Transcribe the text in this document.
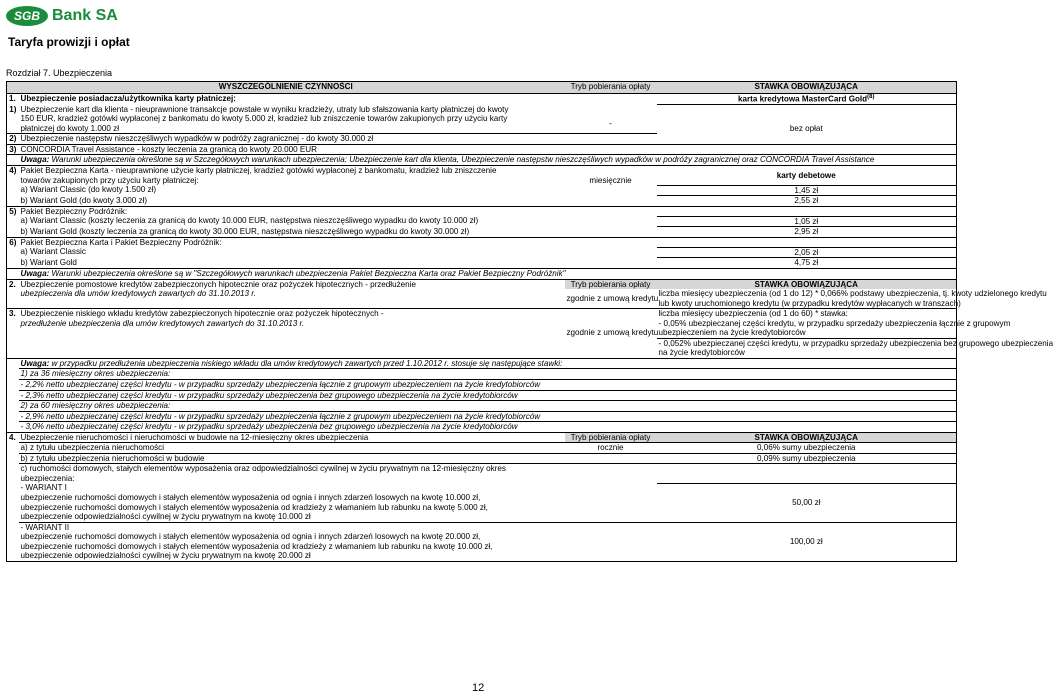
SGB Bank SA
Taryfa prowizji i opłat
Rozdział 7. Ubezpieczenia
WYSZCZEGÓLNIENIE CZYNNOŚCI		Tryb pobierania opłaty	STAWKA OBOWIĄZUJĄCA
1.	Ubezpieczenie posiadacza/użytkownika karty płatniczej:		karta kredytowa MasterCard Gold$^{(8)}$
1)	Ubezpieczenie kart dla klienta - nieuprawnione transakcje powstałe w wyniku kradzieży, utraty lub sfałszowania karty płatniczej do kwoty		
	150 EUR, kradzież gotówki wypłaconej z bankomatu do kwoty 5.000 zł, kradzież lub zniszczenie towarów zakupionych przy użyciu karty	-	bez opłat
	płatniczej do kwoty 1.000 zł		
2)	Ubezpieczenie następstw nieszczęśliwych wypadków w podróży zagranicznej - do kwoty 30.000 zł		
3)	CONCORDIA Travel Assistance - koszty leczenia za granicą do kwoty 20.000 EUR		
	Uwaga: Warunki ubezpieczenia określone są w Szczegółowych warunkach ubezpieczenia: Ubezpieczenie kart dla klienta, Ubezpieczenie następstw nieszczęśliwych wypadków w podróży zagranicznej oraz CONCORDIA Travel Assistance		
4)	Pakiet Bezpieczna Karta - nieuprawnione użycie karty płatniczej, kradzież gotówki wypłaconej z bankomatu, kradzież lub zniszczenie		karty debetowe
	towarów zakupionych przy użyciu karty płatniczej:	miesięcznie	
	a) Wariant Classic (do kwoty 1.500 zł)		1,45 zł
	b) Wariant Gold (do kwoty 3.000 zł)		2,55 zł
5)	Pakiet Bezpieczny Podróżnik:		
	a) Wariant Classic (koszty leczenia za granicą do kwoty 10.000 EUR, następstwa nieszczęśliwego wypadku do kwoty 10.000 zł)		1,05 zł
	b) Wariant Gold (koszty leczenia za granicą do kwoty 30.000 EUR, następstwa nieszczęśliwego wypadku do kwoty 30.000 zł)		2,95 zł
6)	Pakiet Bezpieczna Karta i Pakiet Bezpieczny Podróżnik:		
	a) Wariant Classic		2,05 zł
	b) Wariant Gold		4,75 zł
	Uwaga: Warunki ubezpieczenia określone są w "Szczegółowych warunkach ubezpieczenia Pakiet Bezpieczna Karta oraz Pakiet Bezpieczny Podróżnik"		
2.	Ubezpieczenie pomostowe kredytów zabezpieczonych hipotecznie oraz pożyczek hipotecznych - przedłużenie	Tryb pobierania opłaty	STAWKA OBOWIĄZUJĄCA
	ubezpieczenia dla umów kredytowych zawartych do 31.10.2013 r.	zgodnie z umową kredytu	liczba miesięcy ubezpieczenia (od 1 do 12) * 0,066% podstawy ubezpieczenia, tj. kwoty udzielonego kredytu
			lub kwoty uruchomionego kredytu (w przypadku kredytów wypłacanych w transzach)
3.	Ubezpieczenie niskiego wkładu kredytów zabezpieczonych hipotecznie oraz pożyczek hipotecznych -		liczba miesięcy ubezpieczenia (od 1 do 60) * stawka:
	przedłużenie ubezpieczenia dla umów kredytowych zawartych do 31.10.2013 r.		- 0,05% ubezpieczanej części kredytu, w przypadku sprzedaży ubezpieczenia łącznie z grupowym
		zgodnie z umową kredytu	ubezpieczeniem na życie kredytobiorców
			- 0,052% ubezpieczanej części kredytu, w przypadku sprzedaży ubezpieczenia bez grupowego ubezpieczenia
			na życie kredytobiorców
	Uwaga: w przypadku przedłużenia ubezpieczenia niskiego wkładu dla umów kredytowych zawartych przed 1.10.2012 r. stosuje się następujące stawki:		
	1) za 36 miesięczny okres ubezpieczenia:		
	- 2,2% netto ubezpieczanej części kredytu - w przypadku sprzedaży ubezpieczenia łącznie z grupowym ubezpieczeniem na życie kredytobiorców		
	- 2,3% netto ubezpieczanej części kredytu - w przypadku sprzedaży ubezpieczenia bez grupowego ubezpieczenia na życie kredytobiorców		
	2) za 60 miesięczny okres ubezpieczenia:		
	- 2,9% netto ubezpieczanej części kredytu - w przypadku sprzedaży ubezpieczenia łącznie z grupowym ubezpieczeniem na życie kredytobiorców		
	- 3,0% netto ubezpieczanej części kredytu - w przypadku sprzedaży ubezpieczenia bez grupowego ubezpieczenia na życie kredytobiorców		
4.	Ubezpieczenie nieruchomości i nieruchomości w budowie na 12-miesięczny okres ubezpieczenia	Tryb pobierania opłaty	STAWKA OBOWIĄZUJĄCA
	a) z tytułu ubezpieczenia nieruchomości	rocznie	0,06% sumy ubezpieczenia
	b) z tytułu ubezpieczenia nieruchomości w budowie		0,09% sumy ubezpieczenia
	c) ruchomości domowych, stałych elementów wyposażenia oraz odpowiedzialności cywilnej w życiu prywatnym na 12-miesięczny okres		
	ubezpieczenia:		
	- WARIANT I		50,00 zł
	ubezpieczenie ruchomości domowych i stałych elementów wyposażenia od ognia i innych zdarzeń losowych na kwotę 10.000 zł,		
	ubezpieczenie ruchomości domowych i stałych elementów wyposażenia od kradzieży z włamaniem lub rabunku na kwotę 5.000 zł,		
	ubezpieczenie odpowiedzialności cywilnej w życiu prywatnym na kwotę 10.000 zł		
	- WARIANT II		100,00 zł
	ubezpieczenie ruchomości domowych i stałych elementów wyposażenia od ognia i innych zdarzeń losowych na kwotę 20.000 zł,		
	ubezpieczenie ruchomości domowych i stałych elementów wyposażenia od kradzieży z włamaniem lub rabunku na kwotę 10.000 zł,		
	ubezpieczenie odpowiedzialności cywilnej w życiu prywatnym na kwotę 20.000 zł		
12
